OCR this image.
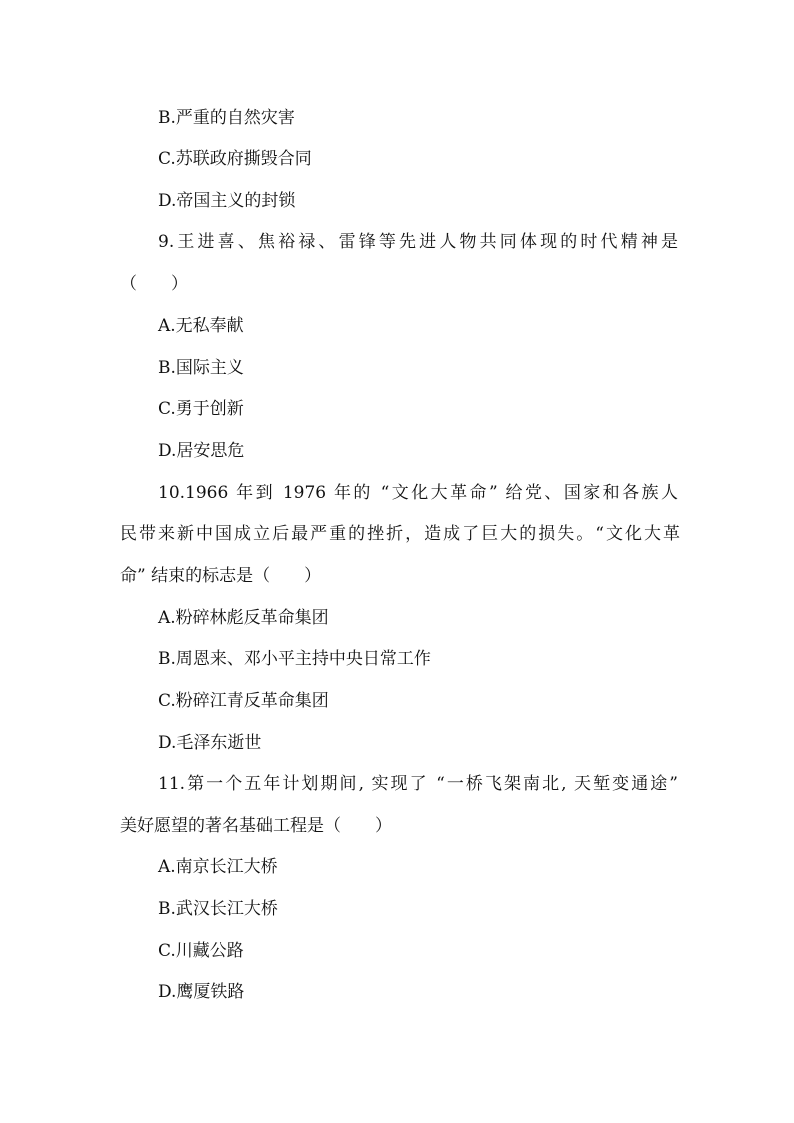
B.严重的自然灾害
C.苏联政府撕毁合同
D.帝国主义的封锁
9.王进喜、焦裕禄、雷锋等先进人物共同体现的时代精神是
（　　）
A.无私奉献
B.国际主义
C.勇于创新
D.居安思危
10.1966 年到 1976 年的 “文化大革命” 给党、国家和各族人
民带来新中国成立后最严重的挫折，造成了巨大的损失。“文化大革
命” 结束的标志是（　　）
A.粉碎林彪反革命集团
B.周恩来、邓小平主持中央日常工作
C.粉碎江青反革命集团
D.毛泽东逝世
11.第一个五年计划期间, 实现了 “一桥飞架南北, 天堑变通途”
美好愿望的著名基础工程是（　　）
A.南京长江大桥
B.武汉长江大桥
C.川藏公路
D.鹰厦铁路
